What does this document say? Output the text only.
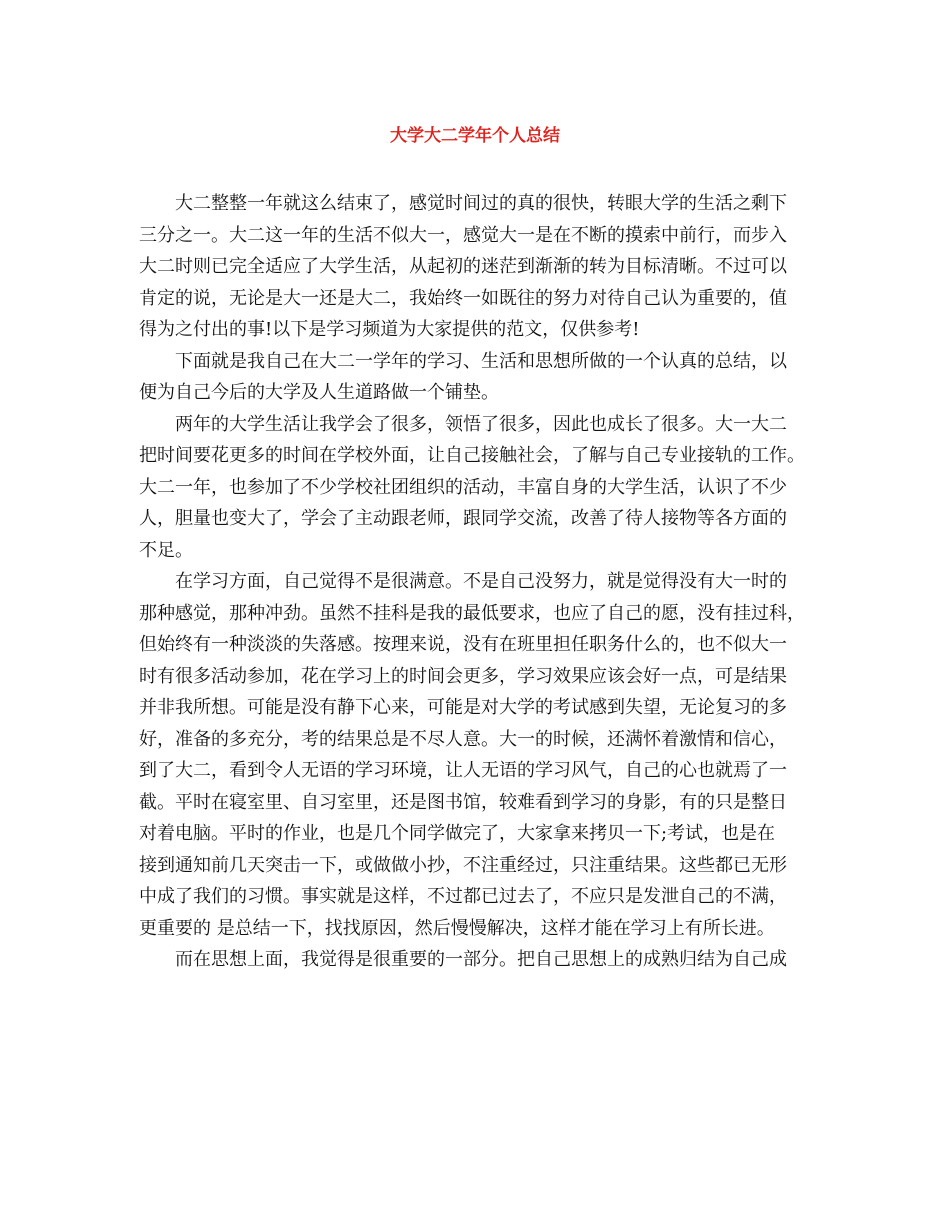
大学大二学年个人总结
大二整整一年就这么结束了，感觉时间过的真的很快，转眼大学的生活之剩下
三分之一。大二这一年的生活不似大一，感觉大一是在不断的摸索中前行，而步入
大二时则已完全适应了大学生活，从起初的迷茫到渐渐的转为目标清晰。不过可以
肯定的说，无论是大一还是大二，我始终一如既往的努力对待自己认为重要的，值
得为之付出的事!以下是学习频道为大家提供的范文，仅供参考!
下面就是我自己在大二一学年的学习、生活和思想所做的一个认真的总结，以
便为自己今后的大学及人生道路做一个铺垫。
两年的大学生活让我学会了很多，领悟了很多，因此也成长了很多。大一大二
把时间要花更多的时间在学校外面，让自己接触社会，了解与自己专业接轨的工作。
大二一年，也参加了不少学校社团组织的活动，丰富自身的大学生活，认识了不少
人，胆量也变大了，学会了主动跟老师，跟同学交流，改善了待人接物等各方面的
不足。
在学习方面，自己觉得不是很满意。不是自己没努力，就是觉得没有大一时的
那种感觉，那种冲劲。虽然不挂科是我的最低要求，也应了自己的愿，没有挂过科，
但始终有一种淡淡的失落感。按理来说，没有在班里担任职务什么的，也不似大一
时有很多活动参加，花在学习上的时间会更多，学习效果应该会好一点，可是结果
并非我所想。可能是没有静下心来，可能是对大学的考试感到失望，无论复习的多
好，准备的多充分，考的结果总是不尽人意。大一的时候，还满怀着激情和信心，
到了大二，看到令人无语的学习环境，让人无语的学习风气，自己的心也就焉了一
截。平时在寝室里、自习室里，还是图书馆，较难看到学习的身影，有的只是整日
对着电脑。平时的作业，也是几个同学做完了，大家拿来拷贝一下;考试，也是在
接到通知前几天突击一下，或做做小抄，不注重经过，只注重结果。这些都已无形
中成了我们的习惯。事实就是这样，不过都已过去了，不应只是发泄自己的不满，
更重要的 是总结一下，找找原因，然后慢慢解决，这样才能在学习上有所长进。
而在思想上面，我觉得是很重要的一部分。把自己思想上的成熟归结为自己成
